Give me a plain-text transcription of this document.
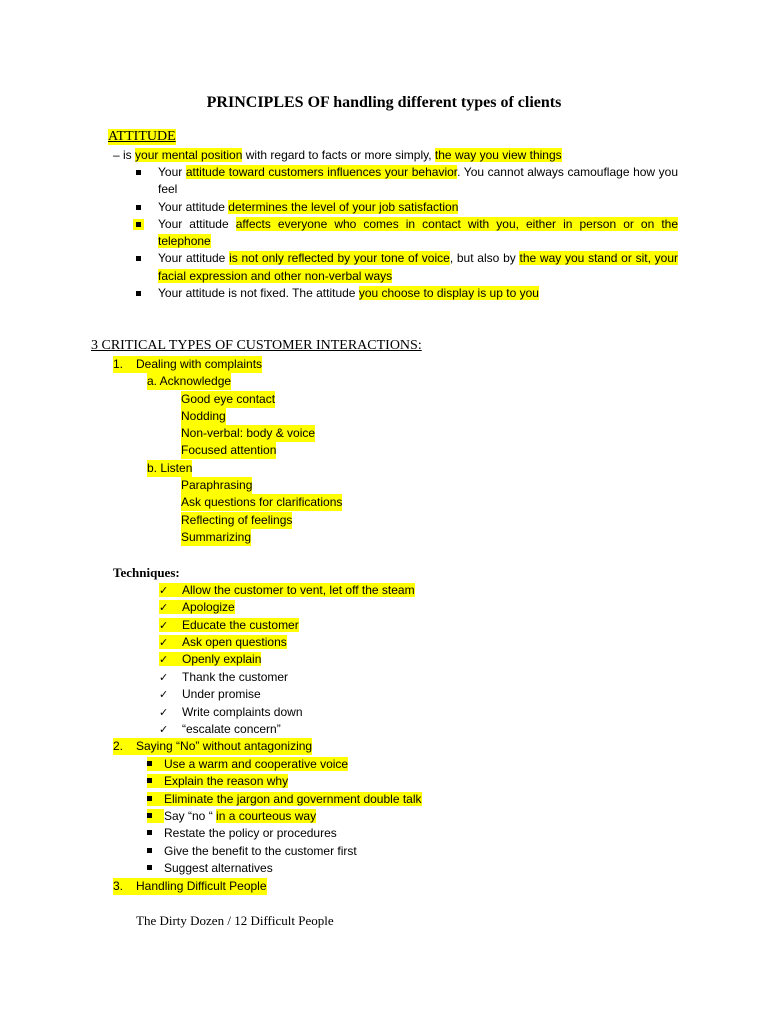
PRINCIPLES OF handling different types of clients
ATTITUDE
– is your mental position with regard to facts or more simply, the way you view things
Your attitude toward customers influences your behavior. You cannot always camouflage how you feel
Your attitude determines the level of your job satisfaction
Your attitude affects everyone who comes in contact with you, either in person or on the telephone
Your attitude is not only reflected by your tone of voice, but also by the way you stand or sit, your facial expression and other non-verbal ways
Your attitude is not fixed. The attitude you choose to display is up to you
3 CRITICAL TYPES OF CUSTOMER INTERACTIONS:
1. Dealing with complaints
a. Acknowledge
Good eye contact
Nodding
Non-verbal: body & voice
Focused attention
b. Listen
Paraphrasing
Ask questions for clarifications
Reflecting of feelings
Summarizing
Techniques:
✓ Allow the customer to vent, let off the steam
✓ Apologize
✓ Educate the customer
✓ Ask open questions
✓ Openly explain
✓ Thank the customer
✓ Under promise
✓ Write complaints down
✓ “escalate concern”
2. Saying “No” without antagonizing
Use a warm and cooperative voice
Explain the reason why
Eliminate the jargon and government double talk
Say “no “ in a courteous way
Restate the policy or procedures
Give the benefit to the customer first
Suggest alternatives
3. Handling Difficult People
The Dirty Dozen / 12 Difficult People
